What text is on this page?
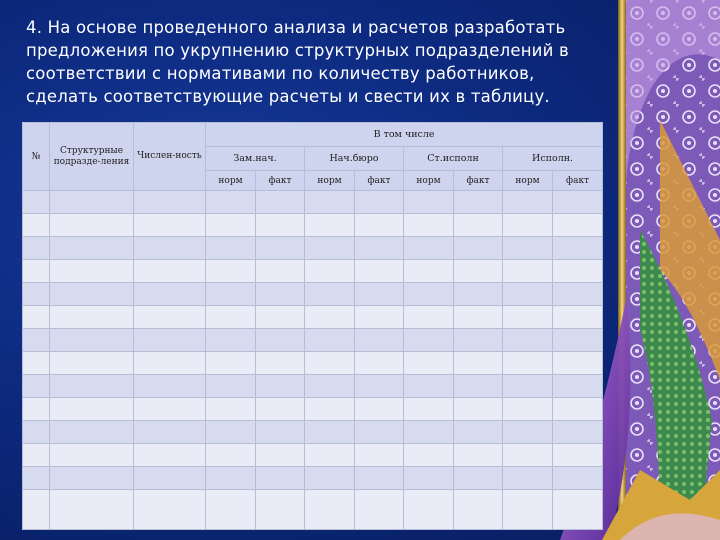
4. На основе проведенного анализа и расчетов разработать предложения по укрупнению структурных подразделений в соответствии с нормативами по количеству работников, сделать соответствующие расчеты и свести их в таблицу.
№	Структурные подразде-ления	Числен-ность	В том числе							
			Зам.нач.		Нач.бюро		Ст.исполн		Исполн.	
			норм	факт	норм	факт	норм	факт	норм	факт
